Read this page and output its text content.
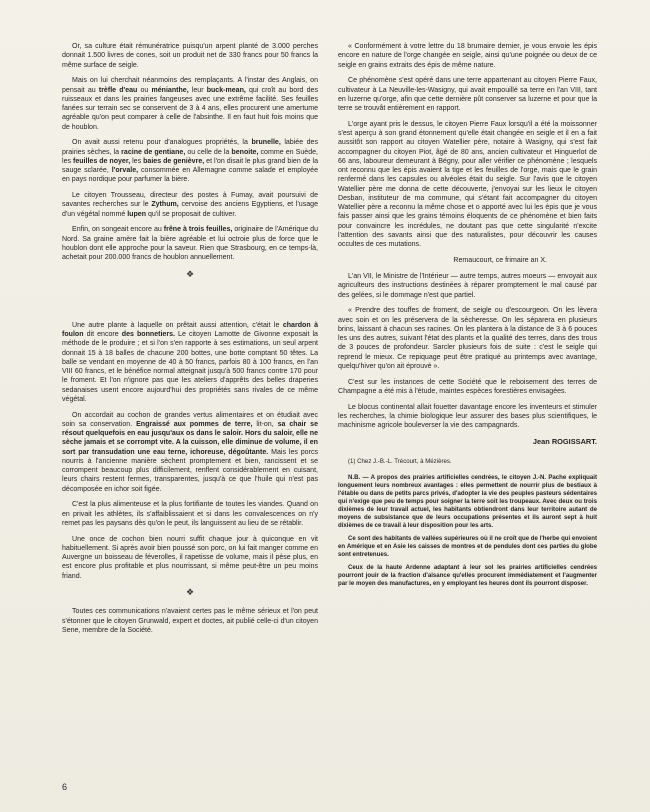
Or, sa culture était rémunératrice puisqu'un arpent planté de 3.000 perches donnait 1.500 livres de cones, soit un produit net de 330 francs pour 50 francs la même surface de seigle.

Mais on lui cherchait néanmoins des remplaçants. A l'instar des Anglais, on pensait au trèfle d'eau ou ménianthe, leur buck-mean, qui croît au bord des ruisseaux et dans les prairies fangeuses avec une extrême facilité. Ses feuilles fanées sur terrain sec se conservent de 3 à 4 ans, elles procurent une amertume agréable qu'on peut comparer à celle de l'absinthe. Il en faut huit fois moins que de houblon.

On avait aussi retenu pour d'analogues propriétés, la brunelle, labiée des prairies sèches, la racine de gentiane, ou celle de la benoite, comme en Suède, les feuilles de noyer, les baies de genièvre, et l'on disait le plus grand bien de la sauge sclarée, l'orvale, consommée en Allemagne comme salade et employée en pays nordique pour parfumer la bière.

Le citoyen Trousseau, directeur des postes à Fumay, avait poursuivi de savantes recherches sur le Zythum, cervoise des anciens Egyptiens, et l'usage d'un végétal nommé lupen qu'il se proposait de cultiver.

Enfin, on songeait encore au frêne à trois feuilles, originaire de l'Amérique du Nord. Sa graine amère fait la bière agréable et lui octroie plus de force que le houblon dont elle approche pour la saveur. Rien que Strasbourg, en ce temps-là, achetait pour 200.000 francs de houblon annuellement.

❖

Une autre plante à laquelle on prêtait aussi attention, c'était le chardon à foulon dit encore des bonnetiers. Le citoyen Lamotte de Givonne exposait la méthode de le produire ; et si l'on s'en rapporte à ses estimations, un seul arpent donnait 15 à 18 balles de chacune 200 bottes, une botte comptant 50 têtes. La balle se vendant en moyenne de 40 à 50 francs, parfois 80 à 100 francs, en l'an VIII 60 francs, et le bénéfice normal atteignait jusqu'à 500 francs contre 170 pour le froment. Et l'on n'ignore pas que les ateliers d'apprêts des belles draperies sedanaises usent encore aujourd'hui des propriétés sans rivales de ce même végétal.

On accordait au cochon de grandes vertus alimentaires et on étudiait avec soin sa conservation. Engraissé aux pommes de terre, lit-on, sa chair se résout quelquefois en eau jusqu'aux os dans le saloir. Hors du saloir, elle ne sèche jamais et se corrompt vite. A la cuisson, elle diminue de volume, il en sort par transudation une eau terne, ichoreuse, dégoûtante. Mais les porcs nourris à l'ancienne manière sèchent promptement et bien, rancissent et se corrompent beaucoup plus difficilement, renflent considérablement en cuisant, leurs chairs restent fermes, transparentes, jusqu'à ce que l'huile qui n'est pas décomposée en ichor soit figée.

C'est la plus alimenteuse et la plus fortifiante de toutes les viandes. Quand on en privait les athlètes, ils s'affaiblissaient et si dans les convalescences on n'y remet pas les paysans dès qu'on le peut, ils languissent au lieu de se rétablir.

Une once de cochon bien nourri suffit chaque jour à quiconque en vit habituellement. Si après avoir bien poussé son porc, on lui fait manger comme en Auvergne un boisseau de féverolles, il rapetisse de volume, mais il pèse plus, en est encore plus profitable et plus nourrissant, si même peut-être un peu moins friand.

❖

Toutes ces communications n'avaient certes pas le même sérieux et l'on peut s'étonner que le citoyen Grunwald, expert et doctes, ait publié celle-ci d'un citoyen Sene, membre de la Société.

« Conformément à votre lettre du 18 brumaire dernier, je vous envoie les épis encore en nature de l'orge changée en seigle, ainsi qu'une poignée ou deux de ce seigle en grains extraits des épis de même nature.

Ce phénomène s'est opéré dans une terre appartenant au citoyen Pierre Faux, cultivateur à La Neuville-les-Wasigny, qui avait empouillé sa terre en l'an VIII, tant en luzerne qu'orge, afin que cette dernière pût conserver sa luzerne et pour que la terre se trouvât entièrement en rapport.

L'orge ayant pris le dessus, le citoyen Pierre Faux lorsqu'il a été la moissonner s'est aperçu à son grand étonnement qu'elle était changée en seigle et il en a fait aussitôt son rapport au citoyen Watellier père, notaire à Wasigny, qui s'est fait accompagner du citoyen Piot, âgé de 80 ans, ancien cultivateur et Hinguerlot de 66 ans, laboureur demeurant à Bégny, pour aller vérifier ce phénomène ; lesquels ont reconnu que les épis avaient la tige et les feuilles de l'orge, mais que le grain renfermé dans les capsules ou alvéoles était du seigle. Sur l'avis que le citoyen Watellier père me donna de cette découverte, j'envoyai sur les lieux le citoyen Desban, instituteur de ma commune, qui s'étant fait accompagner du citoyen Watellier père a reconnu la même chose et o apporté avec lui les épis que je vous fais passer ainsi que les grains témoins éloquents de ce phénomène et bien faits pour convaincre les incrédules, ne doutant pas que cette singularité n'excite l'attention des savants ainsi que des naturalistes, pour découvrir les causes occultes de ces mutations.

Remaucourt, ce frimaire an X.

L'an VII, le Ministre de l'Intérieur — autre temps, autres moeurs — envoyait aux agriculteurs des instructions destinées à réparer promptement le mal causé par des gelées, si le dommage n'est que partiel.

« Prendre des touffes de froment, de seigle ou d'escourgeon. On les lèvera avec soin et on les préservera de la sécheresse. On les séparera en plusieurs brins, laissant à chacun ses racines. On les plantera à la distance de 3 à 6 pouces les uns des autres, suivant l'état des plants et la qualité des terres, dans des trous de 3 pouces de profondeur. Sarcler plusieurs fois de suite : c'est le seigle qui reprend le mieux. Ce repiquage peut être pratiqué au printemps avec avantage, quelqu'hiver qu'on ait éprouvé ».

C'est sur les instances de cette Société que le reboisement des terres de Champagne a été mis à l'étude, maintes espèces forestières envisagées.

Le blocus continental allait fouetter davantage encore les inventeurs et stimuler les recherches, la chimie biologique leur assurer des bases plus scientifiques, le machinisme agricole bouleverser la vie des campagnards.

Jean ROGISSART.

(1) Chez J.-B.-L. Trécourt, à Mézières.

N.B. — A propos des prairies artificielles cendrées, le citoyen J.-N. Pache expliquait longuement leurs nombreux avantages : elles permettent de nourrir plus de bestiaux à l'étable ou dans de petits parcs privés, d'adopter la vie des peuples pasteurs sédentaires qui n'exige que peu de temps pour soigner la terre soit les troupeaux. Avec deux ou trois dixièmes de leur travail actuel, les habitants obtiendront dans leur territoire autant de moyens de subsistance que de leurs occupations présentes et ils auront sept à huit dixièmes de ce travail à leur disposition pour les arts.

Ce sont des habitants de vallées supérieures où il ne croît que de l'herbe qui envoient en Amérique et en Asie les caisses de montres et de pendules dont ces parties du globe sont entretenues.

Ceux de la haute Ardenne adaptant à leur sol les prairies artificielles cendrées pourront jouir de la fraction d'aisance qu'elles procurent immédiatement et l'augmenter par le moyen des manufactures, en y employant les heures dont ils pourront disposer.

6
